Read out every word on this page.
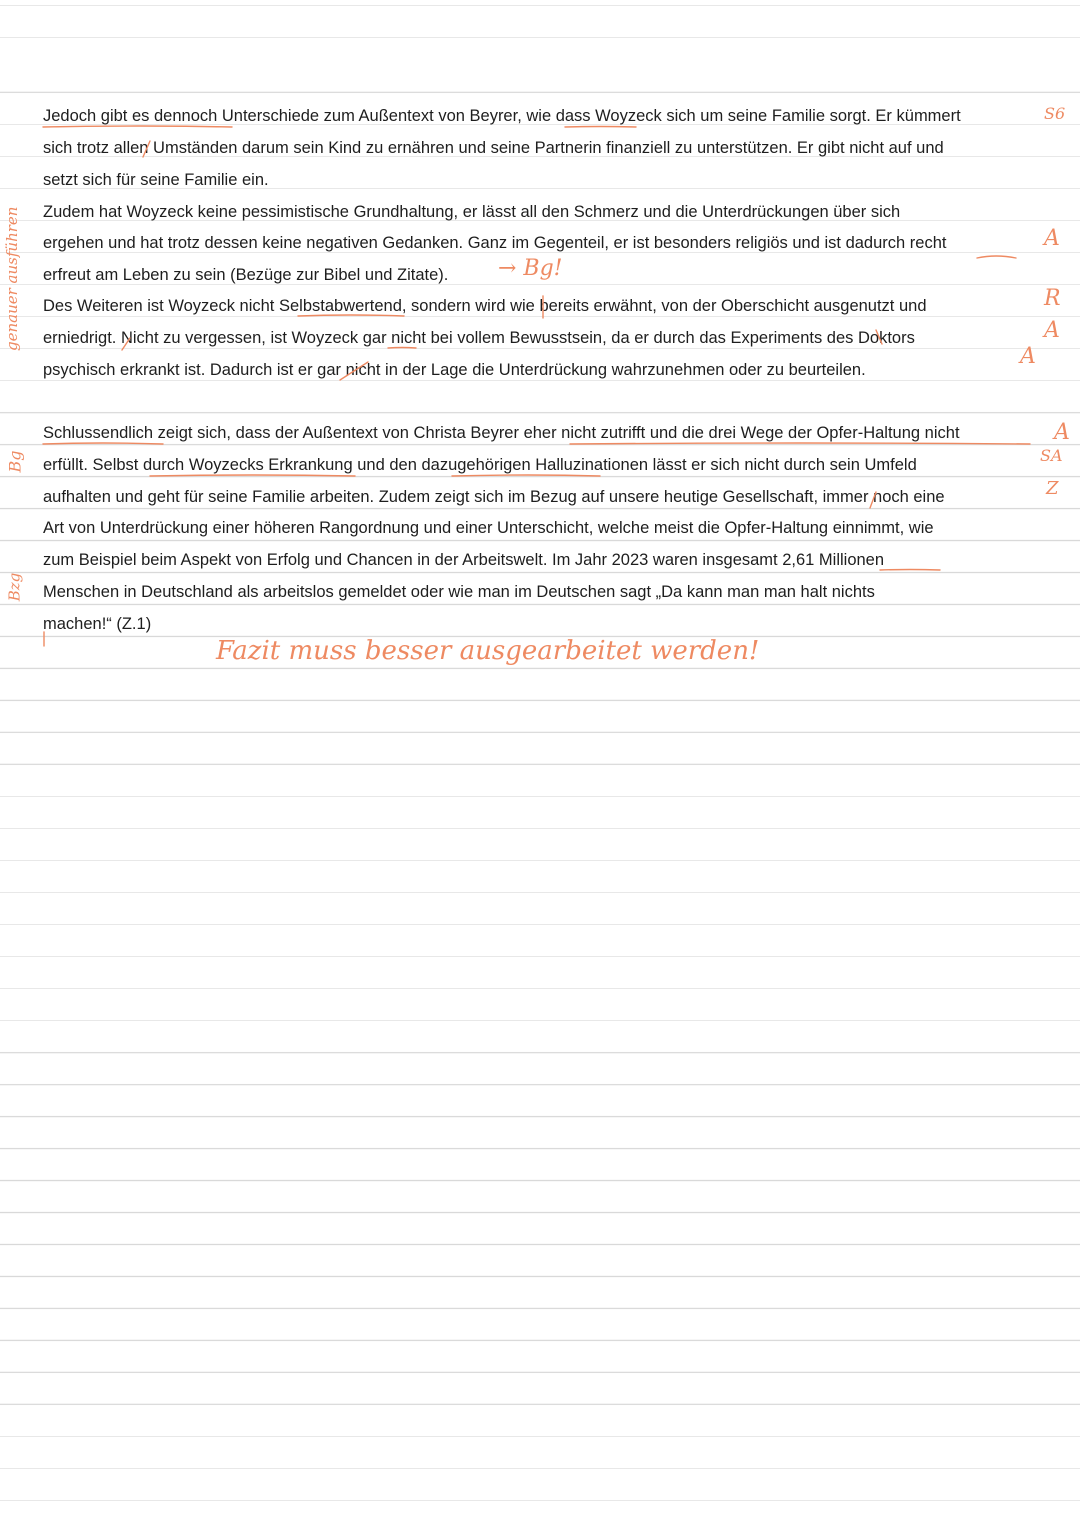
Jedoch gibt es dennoch Unterschiede zum Außentext von Beyrer, wie dass Woyzeck sich um seine Familie sorgt. Er kümmert
sich trotz allen Umständen darum sein Kind zu ernähren und seine Partnerin finanziell zu unterstützen. Er gibt nicht auf und
setzt sich für seine Familie ein.
Zudem hat Woyzeck keine pessimistische Grundhaltung, er lässt all den Schmerz und die Unterdrückungen über sich
ergehen und hat trotz dessen keine negativen Gedanken. Ganz im Gegenteil, er ist besonders religiös und ist dadurch recht
erfreut am Leben zu sein (Bezüge zur Bibel und Zitate).
Des Weiteren ist Woyzeck nicht Selbstabwertend, sondern wird wie bereits erwähnt, von der Oberschicht ausgenutzt und
erniedrigt. Nicht zu vergessen, ist Woyzeck gar nicht bei vollem Bewusstsein, da er durch das Experiments des Doktors
psychisch erkrankt ist. Dadurch ist er gar nicht in der Lage die Unterdrückung wahrzunehmen oder zu beurteilen.
Schlussendlich zeigt sich, dass der Außentext von Christa Beyrer eher nicht zutrifft und die drei Wege der Opfer-Haltung nicht
erfüllt. Selbst durch Woyzecks Erkrankung und den dazugehörigen Halluzinationen lässt er sich nicht durch sein Umfeld
aufhalten und geht für seine Familie arbeiten. Zudem zeigt sich im Bezug auf unsere heutige Gesellschaft, immer noch eine
Art von Unterdrückung einer höheren Rangordnung und einer Unterschicht, welche meist die Opfer-Haltung einnimmt, wie
zum Beispiel beim Aspekt von Erfolg und Chancen in der Arbeitswelt. Im Jahr 2023 waren insgesamt 2,61 Millionen
Menschen in Deutschland als arbeitslos gemeldet oder wie man im Deutschen sagt „Da kann man man halt nichts
machen!“ (Z.1)
S6
A
R
A
A
A
SA
Z
genauer ausführen
Bg
Bzg
→ Bg!
Fazit muss besser ausgearbeitet werden!
